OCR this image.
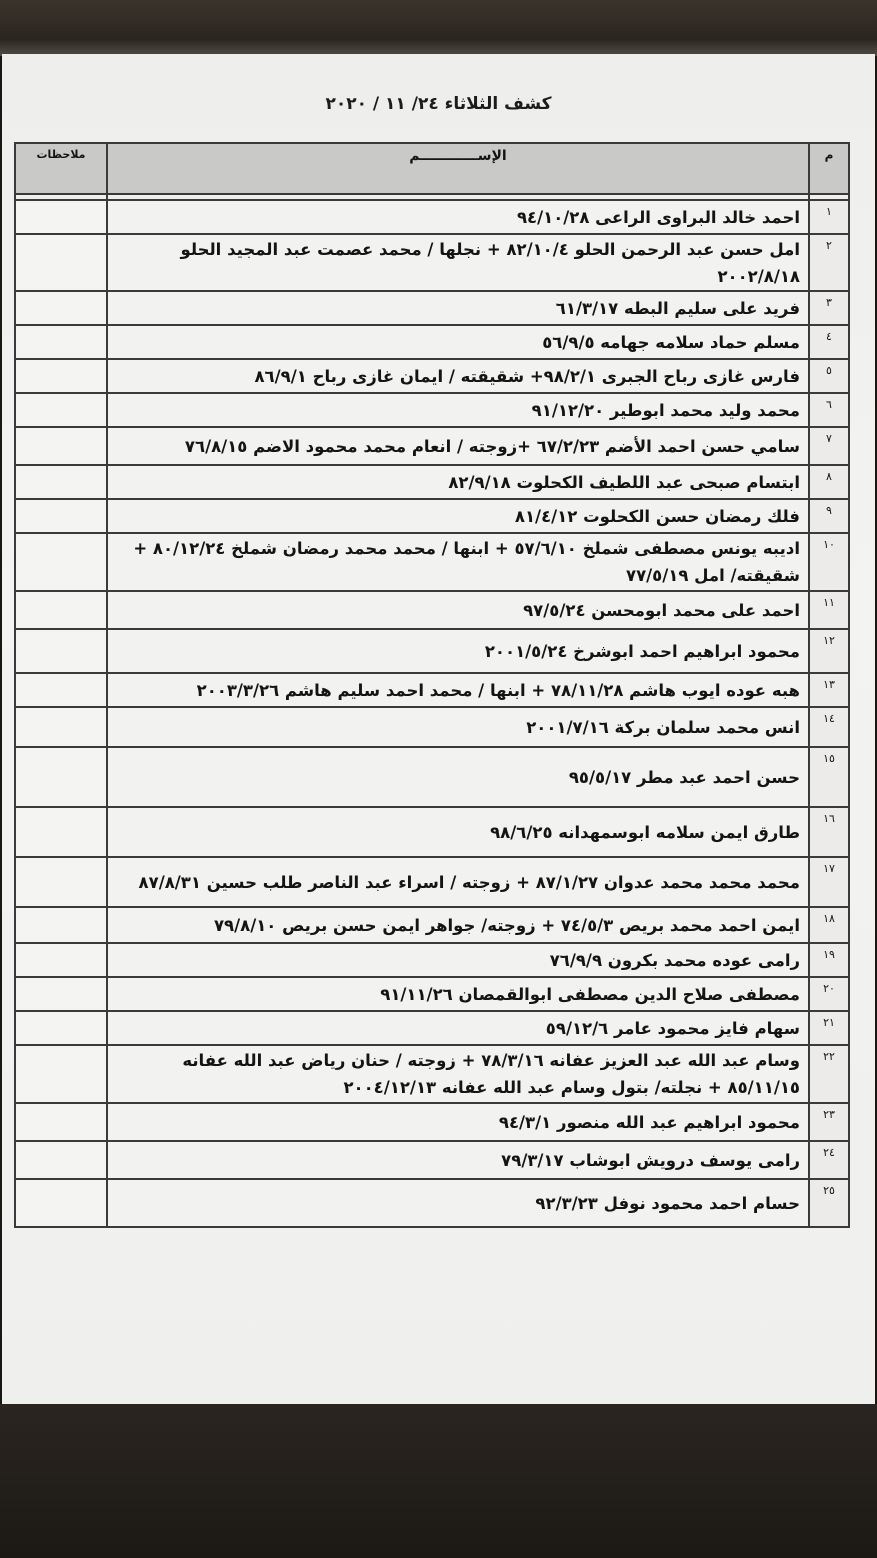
كشف الثلاثاء ٢٤/ ١١ / ٢٠٢٠
م	الإســــــــــــم	ملاحظات

١	احمد خالد البراوى الراعى ٩٤/١٠/٢٨	
٢	امل حسن عبد الرحمن الحلو ٨٢/١٠/٤ + نجلها / محمد عصمت عبد المجيد الحلو ٢٠٠٢/٨/١٨	
٣	فريد على سليم البطه ٦١/٣/١٧	
٤	مسلم حماد سلامه جهامه ٥٦/٩/٥	
٥	فارس غازى رباح الجبرى ٩٨/٢/١+ شقيقته / ايمان غازى رباح ٨٦/٩/١	
٦	محمد وليد محمد ابوطير ٩١/١٢/٢٠	
٧	سامي حسن احمد الأضم ٦٧/٢/٢٣ +زوجته / انعام محمد محمود الاضم ٧٦/٨/١٥	
٨	ابتسام صبحى عبد اللطيف الكحلوت ٨٢/٩/١٨	
٩	فلك رمضان حسن الكحلوت ٨١/٤/١٢	
١٠	اديبه يونس مصطفى شملخ ٥٧/٦/١٠ + ابنها / محمد محمد رمضان شملخ ٨٠/١٢/٢٤ + شقيقته/ امل ٧٧/٥/١٩	
١١	احمد على محمد ابومحسن ٩٧/٥/٢٤	
١٢	محمود ابراهيم احمد ابوشرخ ٢٠٠١/٥/٢٤	
١٣	هبه عوده ايوب هاشم ٧٨/١١/٢٨ + ابنها / محمد احمد سليم هاشم ٢٠٠٣/٣/٢٦	
١٤	انس محمد سلمان بركة ٢٠٠١/٧/١٦	
١٥	حسن احمد عبد مطر ٩٥/٥/١٧	
١٦	طارق ايمن سلامه ابوسمهدانه ٩٨/٦/٢٥	
١٧	محمد محمد محمد عدوان ٨٧/١/٢٧ + زوجته / اسراء عبد الناصر طلب حسين ٨٧/٨/٣١	
١٨	ايمن احمد محمد بريص ٧٤/٥/٣ + زوجته/ جواهر ايمن حسن بريص ٧٩/٨/١٠	
١٩	رامى عوده محمد بكرون ٧٦/٩/٩	
٢٠	مصطفى صلاح الدين مصطفى ابوالقمصان ٩١/١١/٢٦	
٢١	سهام فايز محمود عامر ٥٩/١٢/٦	
٢٢	وسام عبد الله عبد العزيز عفانه ٧٨/٣/١٦ + زوجته / حنان رياض عبد الله عفانه ٨٥/١١/١٥ + نجلته/ بتول وسام عبد الله عفانه ٢٠٠٤/١٢/١٣	
٢٣	محمود ابراهيم عبد الله منصور ٩٤/٣/١	
٢٤	رامى يوسف درويش ابوشاب ٧٩/٣/١٧	
٢٥	حسام احمد محمود نوفل ٩٢/٣/٢٣	
